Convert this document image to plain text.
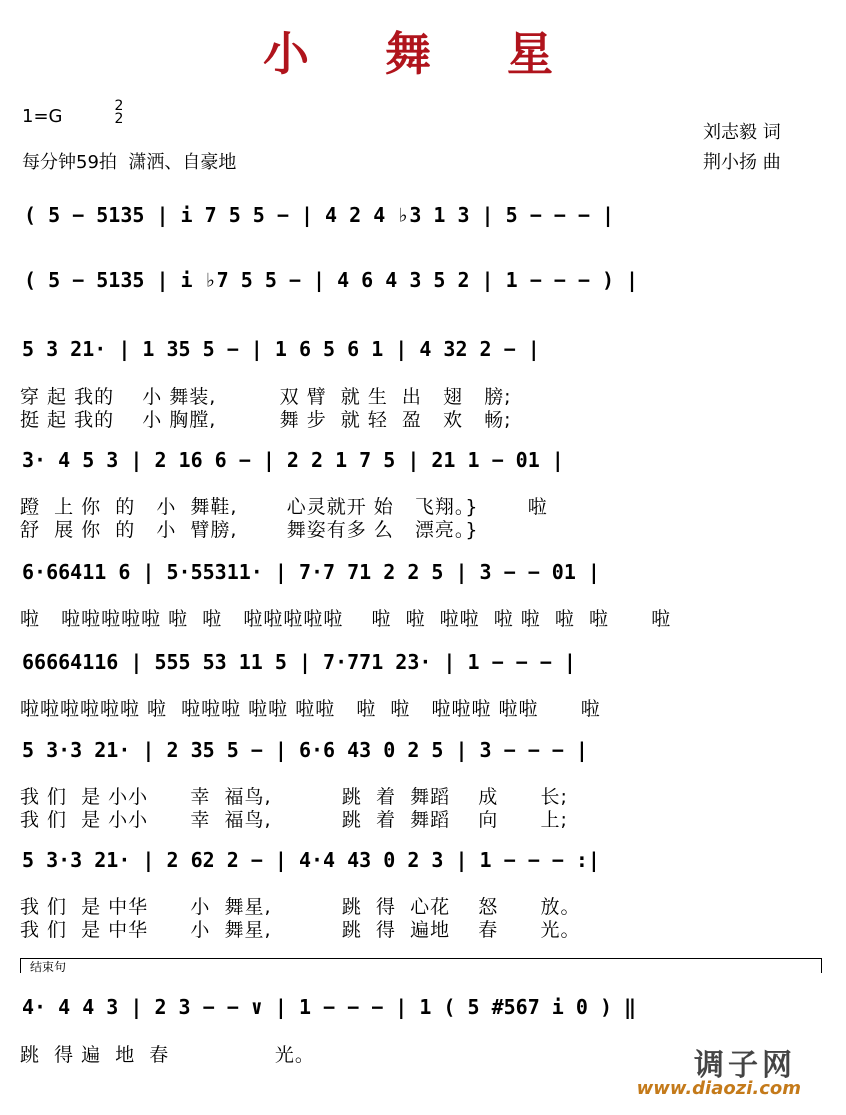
小 舞 星
1=G	2
2
每分钟59拍  潇洒、自豪地
刘志毅 词
荆小扬 曲
( 5 − 5135 | i 7 5 5 − | 4 2 4 ♭3 1 3 | 5 − − − |
( 5 − 5135 | i ♭7 5 5 − | 4 6 4 3 5 2 | 1 − − − ) |
5 3 21· | 1 35 5 − | 1 6 5 6 1 | 4 32 2 − |
穿 起 我的    小 舞装,         双 臂  就 生  出   翅   膀;
挺 起 我的    小 胸膛,         舞 步  就 轻  盈   欢   畅;
3· 4 5 3 | 2 16 6 − | 2 2 1 7 5 | 21 1 − 01 |
蹬  上 你  的   小  舞鞋,       心灵就开 始   飞翔。}       啦
舒  展 你  的   小  臂膀,       舞姿有多 么   漂亮。}
6·66411 6 | 5·55311· | 7·7 71 2 2 5 | 3 − − 01 |
啦   啦啦啦啦啦 啦  啦   啦啦啦啦啦    啦  啦  啦啦  啦 啦  啦  啦      啦
66664116 | 555 53 11 5 | 7·771 23· | 1 − − − |
啦啦啦啦啦啦 啦  啦啦啦 啦啦 啦啦   啦  啦   啦啦啦 啦啦      啦
5 3·3 21· | 2 35 5 − | 6·6 43 0 2 5 | 3 − − − |
我 们  是 小小      幸  福鸟,          跳  着  舞蹈    成      长;
我 们  是 小小      幸  福鸟,          跳  着  舞蹈    向      上;
5 3·3 21· | 2 62 2 − | 4·4 43 0 2 3 | 1 − − − :|
我 们  是 中华      小  舞星,          跳  得  心花    怒      放。
我 们  是 中华      小  舞星,          跳  得  遍地    春      光。
结束句
4· 4 4 3 | 2 3 − − ∨ | 1 − − − | 1 ( 5 #567 i 0 ) ‖
跳  得 遍  地  春               光。	调子网
www.diaozi.com
